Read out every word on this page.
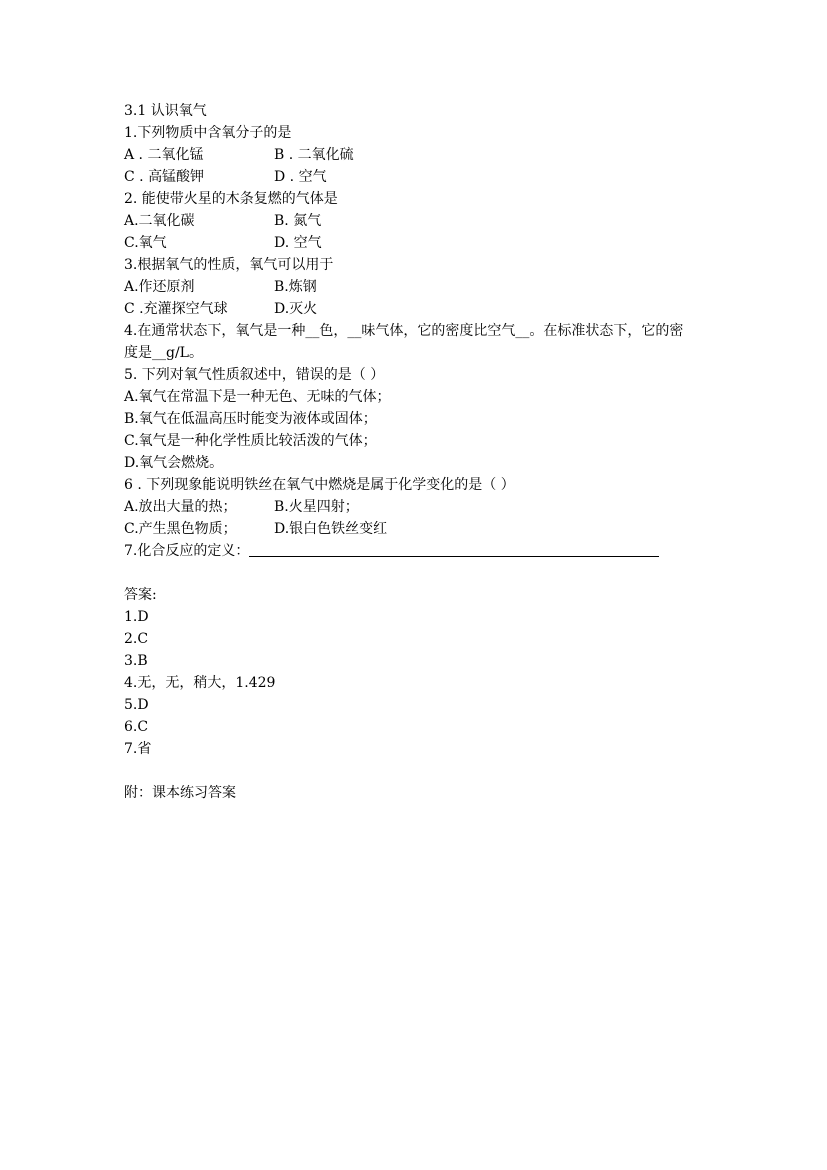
3.1 认识氧气
1.下列物质中含氧分子的是
A . 二氧化锰	B . 二氧化硫
C . 高锰酸钾	D . 空气
2. 能使带火星的木条复燃的气体是
A.二氧化碳	B. 氮气
C.氧气	D. 空气
3.根据氧气的性质，氧气可以用于
A.作还原剂	B.炼钢
C .充灌探空气球	D.灭火
4.在通常状态下，氧气是一种__色，__味气体，它的密度比空气__。在标准状态下，它的密
度是__g/L。
5. 下列对氧气性质叙述中，错误的是（ ）
A.氧气在常温下是一种无色、无味的气体；
B.氧气在低温高压时能变为液体或固体；
C.氧气是一种化学性质比较活泼的气体；
D.氧气会燃烧。
6 . 下列现象能说明铁丝在氧气中燃烧是属于化学变化的是（ ）
A.放出大量的热；	B.火星四射；
C.产生黑色物质；	D.银白色铁丝变红
7.化合反应的定义：
答案:
1.D
2.C
3.B
4.无，无，稍大，1.429
5.D
6.C
7.省
附：课本练习答案
